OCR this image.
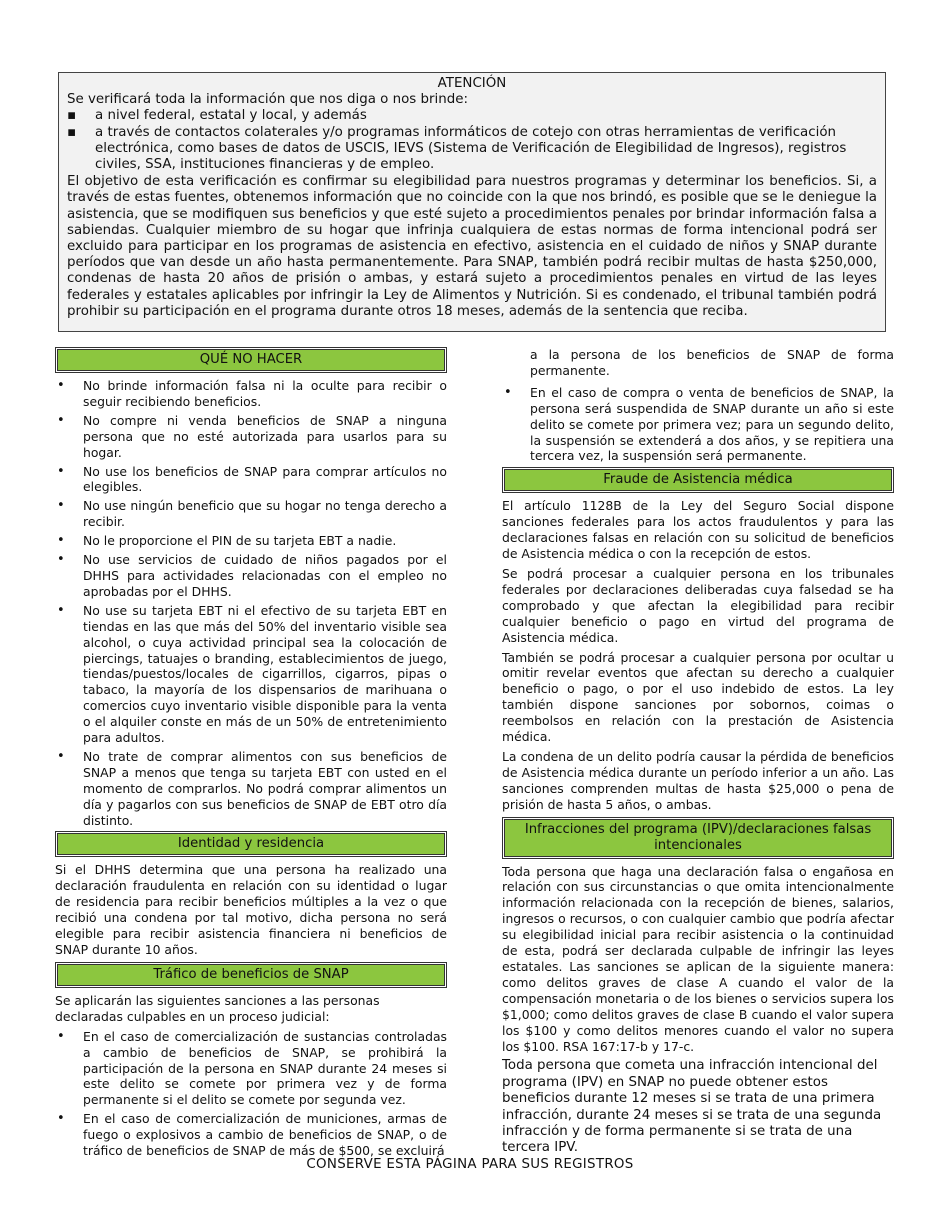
ATENCIÓN
Se verificará toda la información que nos diga o nos brinde:
▪ a nivel federal, estatal y local, y además
▪ a través de contactos colaterales y/o programas informáticos de cotejo con otras herramientas de verificación electrónica, como bases de datos de USCIS, IEVS (Sistema de Verificación de Elegibilidad de Ingresos), registros civiles, SSA, instituciones financieras y de empleo.

El objetivo de esta verificación es confirmar su elegibilidad para nuestros programas y determinar los beneficios. Si, a través de estas fuentes, obtenemos información que no coincide con la que nos brindó, es posible que se le deniegue la asistencia, que se modifiquen sus beneficios y que esté sujeto a procedimientos penales por brindar información falsa a sabiendas. Cualquier miembro de su hogar que infrinja cualquiera de estas normas de forma intencional podrá ser excluido para participar en los programas de asistencia en efectivo, asistencia en el cuidado de niños y SNAP durante períodos que van desde un año hasta permanentemente. Para SNAP, también podrá recibir multas de hasta $250,000, condenas de hasta 20 años de prisión o ambas, y estará sujeto a procedimientos penales en virtud de las leyes federales y estatales aplicables por infringir la Ley de Alimentos y Nutrición. Si es condenado, el tribunal también podrá prohibir su participación en el programa durante otros 18 meses, además de la sentencia que reciba.

QUÉ NO HACER
• No brinde información falsa ni la oculte para recibir o seguir recibiendo beneficios.
• No compre ni venda beneficios de SNAP a ninguna persona que no esté autorizada para usarlos para su hogar.
• No use los beneficios de SNAP para comprar artículos no elegibles.
• No use ningún beneficio que su hogar no tenga derecho a recibir.
• No le proporcione el PIN de su tarjeta EBT a nadie.
• No use servicios de cuidado de niños pagados por el DHHS para actividades relacionadas con el empleo no aprobadas por el DHHS.
• No use su tarjeta EBT ni el efectivo de su tarjeta EBT en tiendas en las que más del 50% del inventario visible sea alcohol, o cuya actividad principal sea la colocación de piercings, tatuajes o branding, establecimientos de juego, tiendas/puestos/locales de cigarrillos, cigarros, pipas o tabaco, la mayoría de los dispensarios de marihuana o comercios cuyo inventario visible disponible para la venta o el alquiler conste en más de un 50% de entretenimiento para adultos.
• No trate de comprar alimentos con sus beneficios de SNAP a menos que tenga su tarjeta EBT con usted en el momento de comprarlos. No podrá comprar alimentos un día y pagarlos con sus beneficios de SNAP de EBT otro día distinto.
Identidad y residencia

Si el DHHS determina que una persona ha realizado una declaración fraudulenta en relación con su identidad o lugar de residencia para recibir beneficios múltiples a la vez o que recibió una condena por tal motivo, dicha persona no será elegible para recibir asistencia financiera ni beneficios de SNAP durante 10 años.

Tráfico de beneficios de SNAP

Se aplicarán las siguientes sanciones a las personas declaradas culpables en un proceso judicial:

• En el caso de comercialización de sustancias controladas a cambio de beneficios de SNAP, se prohibirá la participación de la persona en SNAP durante 24 meses si este delito se comete por primera vez y de forma permanente si el delito se comete por segunda vez.
• En el caso de comercialización de municiones, armas de fuego o explosivos a cambio de beneficios de SNAP, o de tráfico de beneficios de SNAP de más de $500, se excluirá
a la persona de los beneficios de SNAP de forma permanente.
• En el caso de compra o venta de beneficios de SNAP, la persona será suspendida de SNAP durante un año si este delito se comete por primera vez; para un segundo delito, la suspensión se extenderá a dos años, y se repitiera una tercera vez, la suspensión será permanente.
Fraude de Asistencia médica

El artículo 1128B de la Ley del Seguro Social dispone sanciones federales para los actos fraudulentos y para las declaraciones falsas en relación con su solicitud de beneficios de Asistencia médica o con la recepción de estos.

Se podrá procesar a cualquier persona en los tribunales federales por declaraciones deliberadas cuya falsedad se ha comprobado y que afectan la elegibilidad para recibir cualquier beneficio o pago en virtud del programa de Asistencia médica.

También se podrá procesar a cualquier persona por ocultar u omitir revelar eventos que afectan su derecho a cualquier beneficio o pago, o por el uso indebido de estos. La ley también dispone sanciones por sobornos, coimas o reembolsos en relación con la prestación de Asistencia médica.

La condena de un delito podría causar la pérdida de beneficios de Asistencia médica durante un período inferior a un año. Las sanciones comprenden multas de hasta $25,000 o pena de prisión de hasta 5 años, o ambas.

Infracciones del programa (IPV)/declaraciones falsas intencionales

Toda persona que haga una declaración falsa o engañosa en relación con sus circunstancias o que omita intencionalmente información relacionada con la recepción de bienes, salarios, ingresos o recursos, o con cualquier cambio que podría afectar su elegibilidad inicial para recibir asistencia o la continuidad de esta, podrá ser declarada culpable de infringir las leyes estatales. Las sanciones se aplican de la siguiente manera: como delitos graves de clase A cuando el valor de la compensación monetaria o de los bienes o servicios supera los $1,000; como delitos graves de clase B cuando el valor supera los $100 y como delitos menores cuando el valor no supera los $100. RSA 167:17-b y 17-c.

Toda persona que cometa una infracción intencional del programa (IPV) en SNAP no puede obtener estos beneficios durante 12 meses si se trata de una primera infracción, durante 24 meses si se trata de una segunda infracción y de forma permanente si se trata de una tercera IPV.

CONSERVE ESTA PÁGINA PARA SUS REGISTROS
